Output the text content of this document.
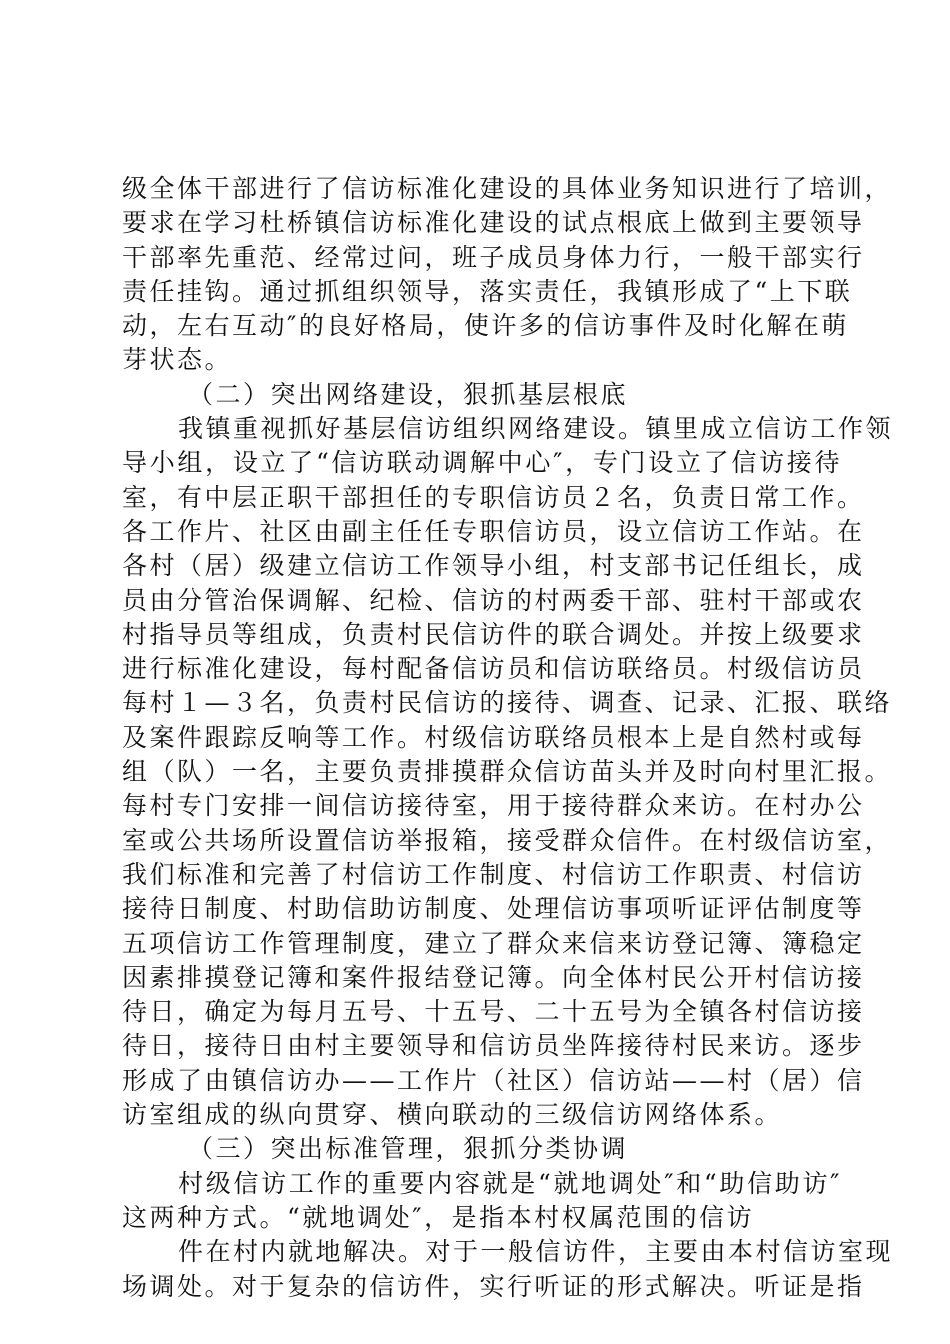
级全体干部进行了信访标准化建设的具体业务知识进行了培训，
要求在学习杜桥镇信访标准化建设的试点根底上做到主要领导
干部率先重范、经常过问，班子成员身体力行，一般干部实行
责任挂钩。通过抓组织领导，落实责任，我镇形成了“上下联
动，左右互动″的良好格局，使许多的信访事件及时化解在萌
芽状态。
（二）突出网络建设，狠抓基层根底
我镇重视抓好基层信访组织网络建设。镇里成立信访工作领
导小组，设立了“信访联动调解中心″，专门设立了信访接待
室，有中层正职干部担任的专职信访员２名，负责日常工作。
各工作片、社区由副主任任专职信访员，设立信访工作站。在
各村（居）级建立信访工作领导小组，村支部书记任组长，成
员由分管治保调解、纪检、信访的村两委干部、驻村干部或农
村指导员等组成，负责村民信访件的联合调处。并按上级要求
进行标准化建设，每村配备信访员和信访联络员。村级信访员
每村１—３名，负责村民信访的接待、调查、记录、汇报、联络
及案件跟踪反响等工作。村级信访联络员根本上是自然村或每
组（队）一名，主要负责排摸群众信访苗头并及时向村里汇报。
每村专门安排一间信访接待室，用于接待群众来访。在村办公
室或公共场所设置信访举报箱，接受群众信件。在村级信访室，
我们标准和完善了村信访工作制度、村信访工作职责、村信访
接待日制度、村助信助访制度、处理信访事项听证评估制度等
五项信访工作管理制度，建立了群众来信来访登记簿、簿稳定
因素排摸登记簿和案件报结登记簿。向全体村民公开村信访接
待日，确定为每月五号、十五号、二十五号为全镇各村信访接
待日，接待日由村主要领导和信访员坐阵接待村民来访。逐步
形成了由镇信访办——工作片（社区）信访站——村（居）信
访室组成的纵向贯穿、横向联动的三级信访网络体系。
（三）突出标准管理，狠抓分类协调
村级信访工作的重要内容就是“就地调处″和“助信助访″
这两种方式。“就地调处″，是指本村权属范围的信访
件在村内就地解决。对于一般信访件，主要由本村信访室现
场调处。对于复杂的信访件，实行听证的形式解决。听证是指
